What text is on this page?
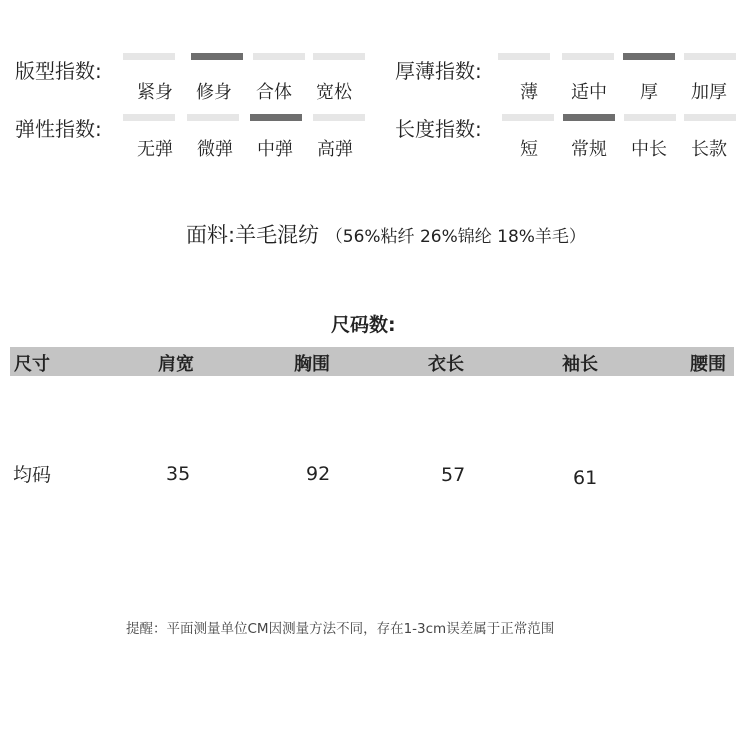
版型指数:
紧身	修身	合体	宽松
弹性指数:
无弹	微弹	中弹	高弹
厚薄指数:
薄	适中	厚	加厚
长度指数:
短	常规	中长	长款
面料:羊毛混纺 （56%粘纤 26%锦纶 18%羊毛）
尺码数:
尺寸	肩宽	胸围	衣长	袖长	腰围
均码	35	92	57	61
提醒：平面测量单位CM因测量方法不同，存在1-3cm误差属于正常范围
